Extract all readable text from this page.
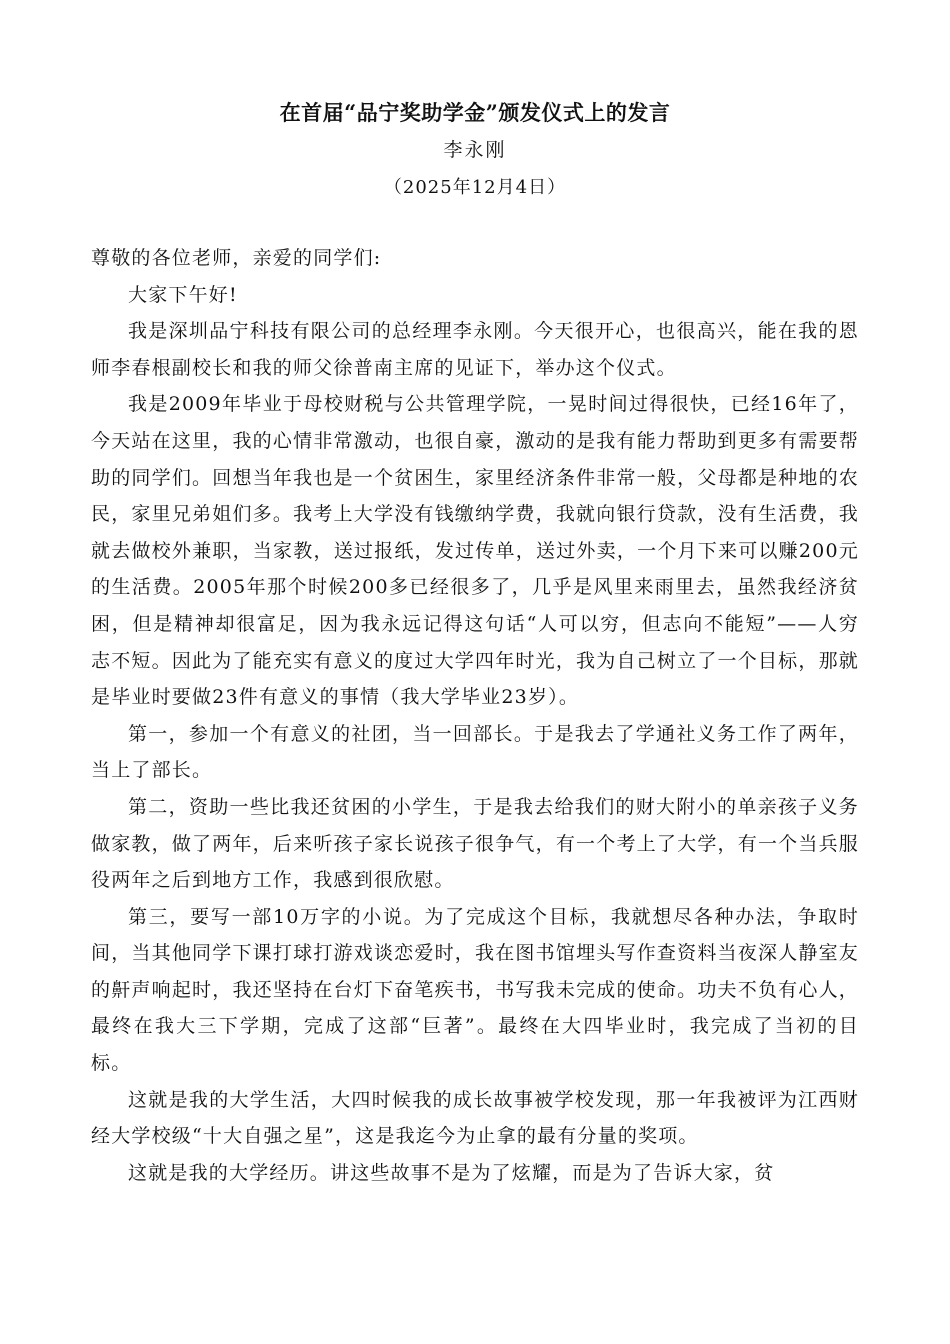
在首届“品宁奖助学金”颁发仪式上的发言
李永刚
（2025年12月4日）

尊敬的各位老师，亲爱的同学们:

大家下午好!

我是深圳品宁科技有限公司的总经理李永刚。今天很开心，也很高兴，能在我的恩师李春根副校长和我的师父徐普南主席的见证下，举办这个仪式。

我是2009年毕业于母校财税与公共管理学院，一晃时间过得很快，已经16年了，今天站在这里，我的心情非常激动，也很自豪，激动的是我有能力帮助到更多有需要帮助的同学们。回想当年我也是一个贫困生，家里经济条件非常一般，父母都是种地的农民，家里兄弟姐们多。我考上大学没有钱缴纳学费，我就向银行贷款，没有生活费，我就去做校外兼职，当家教，送过报纸，发过传单，送过外卖，一个月下来可以赚200元的生活费。2005年那个时候200多已经很多了，几乎是风里来雨里去，虽然我经济贫困，但是精神却很富足，因为我永远记得这句话“人可以穷，但志向不能短”——人穷志不短。因此为了能充实有意义的度过大学四年时光，我为自己树立了一个目标，那就是毕业时要做23件有意义的事情（我大学毕业23岁）。

第一，参加一个有意义的社团，当一回部长。于是我去了学通社义务工作了两年，当上了部长。

第二，资助一些比我还贫困的小学生，于是我去给我们的财大附小的单亲孩子义务做家教，做了两年，后来听孩子家长说孩子很争气，有一个考上了大学，有一个当兵服役两年之后到地方工作，我感到很欣慰。

第三，要写一部10万字的小说。为了完成这个目标，我就想尽各种办法，争取时间，当其他同学下课打球打游戏谈恋爱时，我在图书馆埋头写作查资料当夜深人静室友的鼾声响起时，我还坚持在台灯下奋笔疾书，书写我未完成的使命。功夫不负有心人，最终在我大三下学期，完成了这部“巨著”。最终在大四毕业时，我完成了当初的目标。

这就是我的大学生活，大四时候我的成长故事被学校发现，那一年我被评为江西财经大学校级“十大自强之星”，这是我迄今为止拿的最有分量的奖项。

这就是我的大学经历。讲这些故事不是为了炫耀，而是为了告诉大家，贫
